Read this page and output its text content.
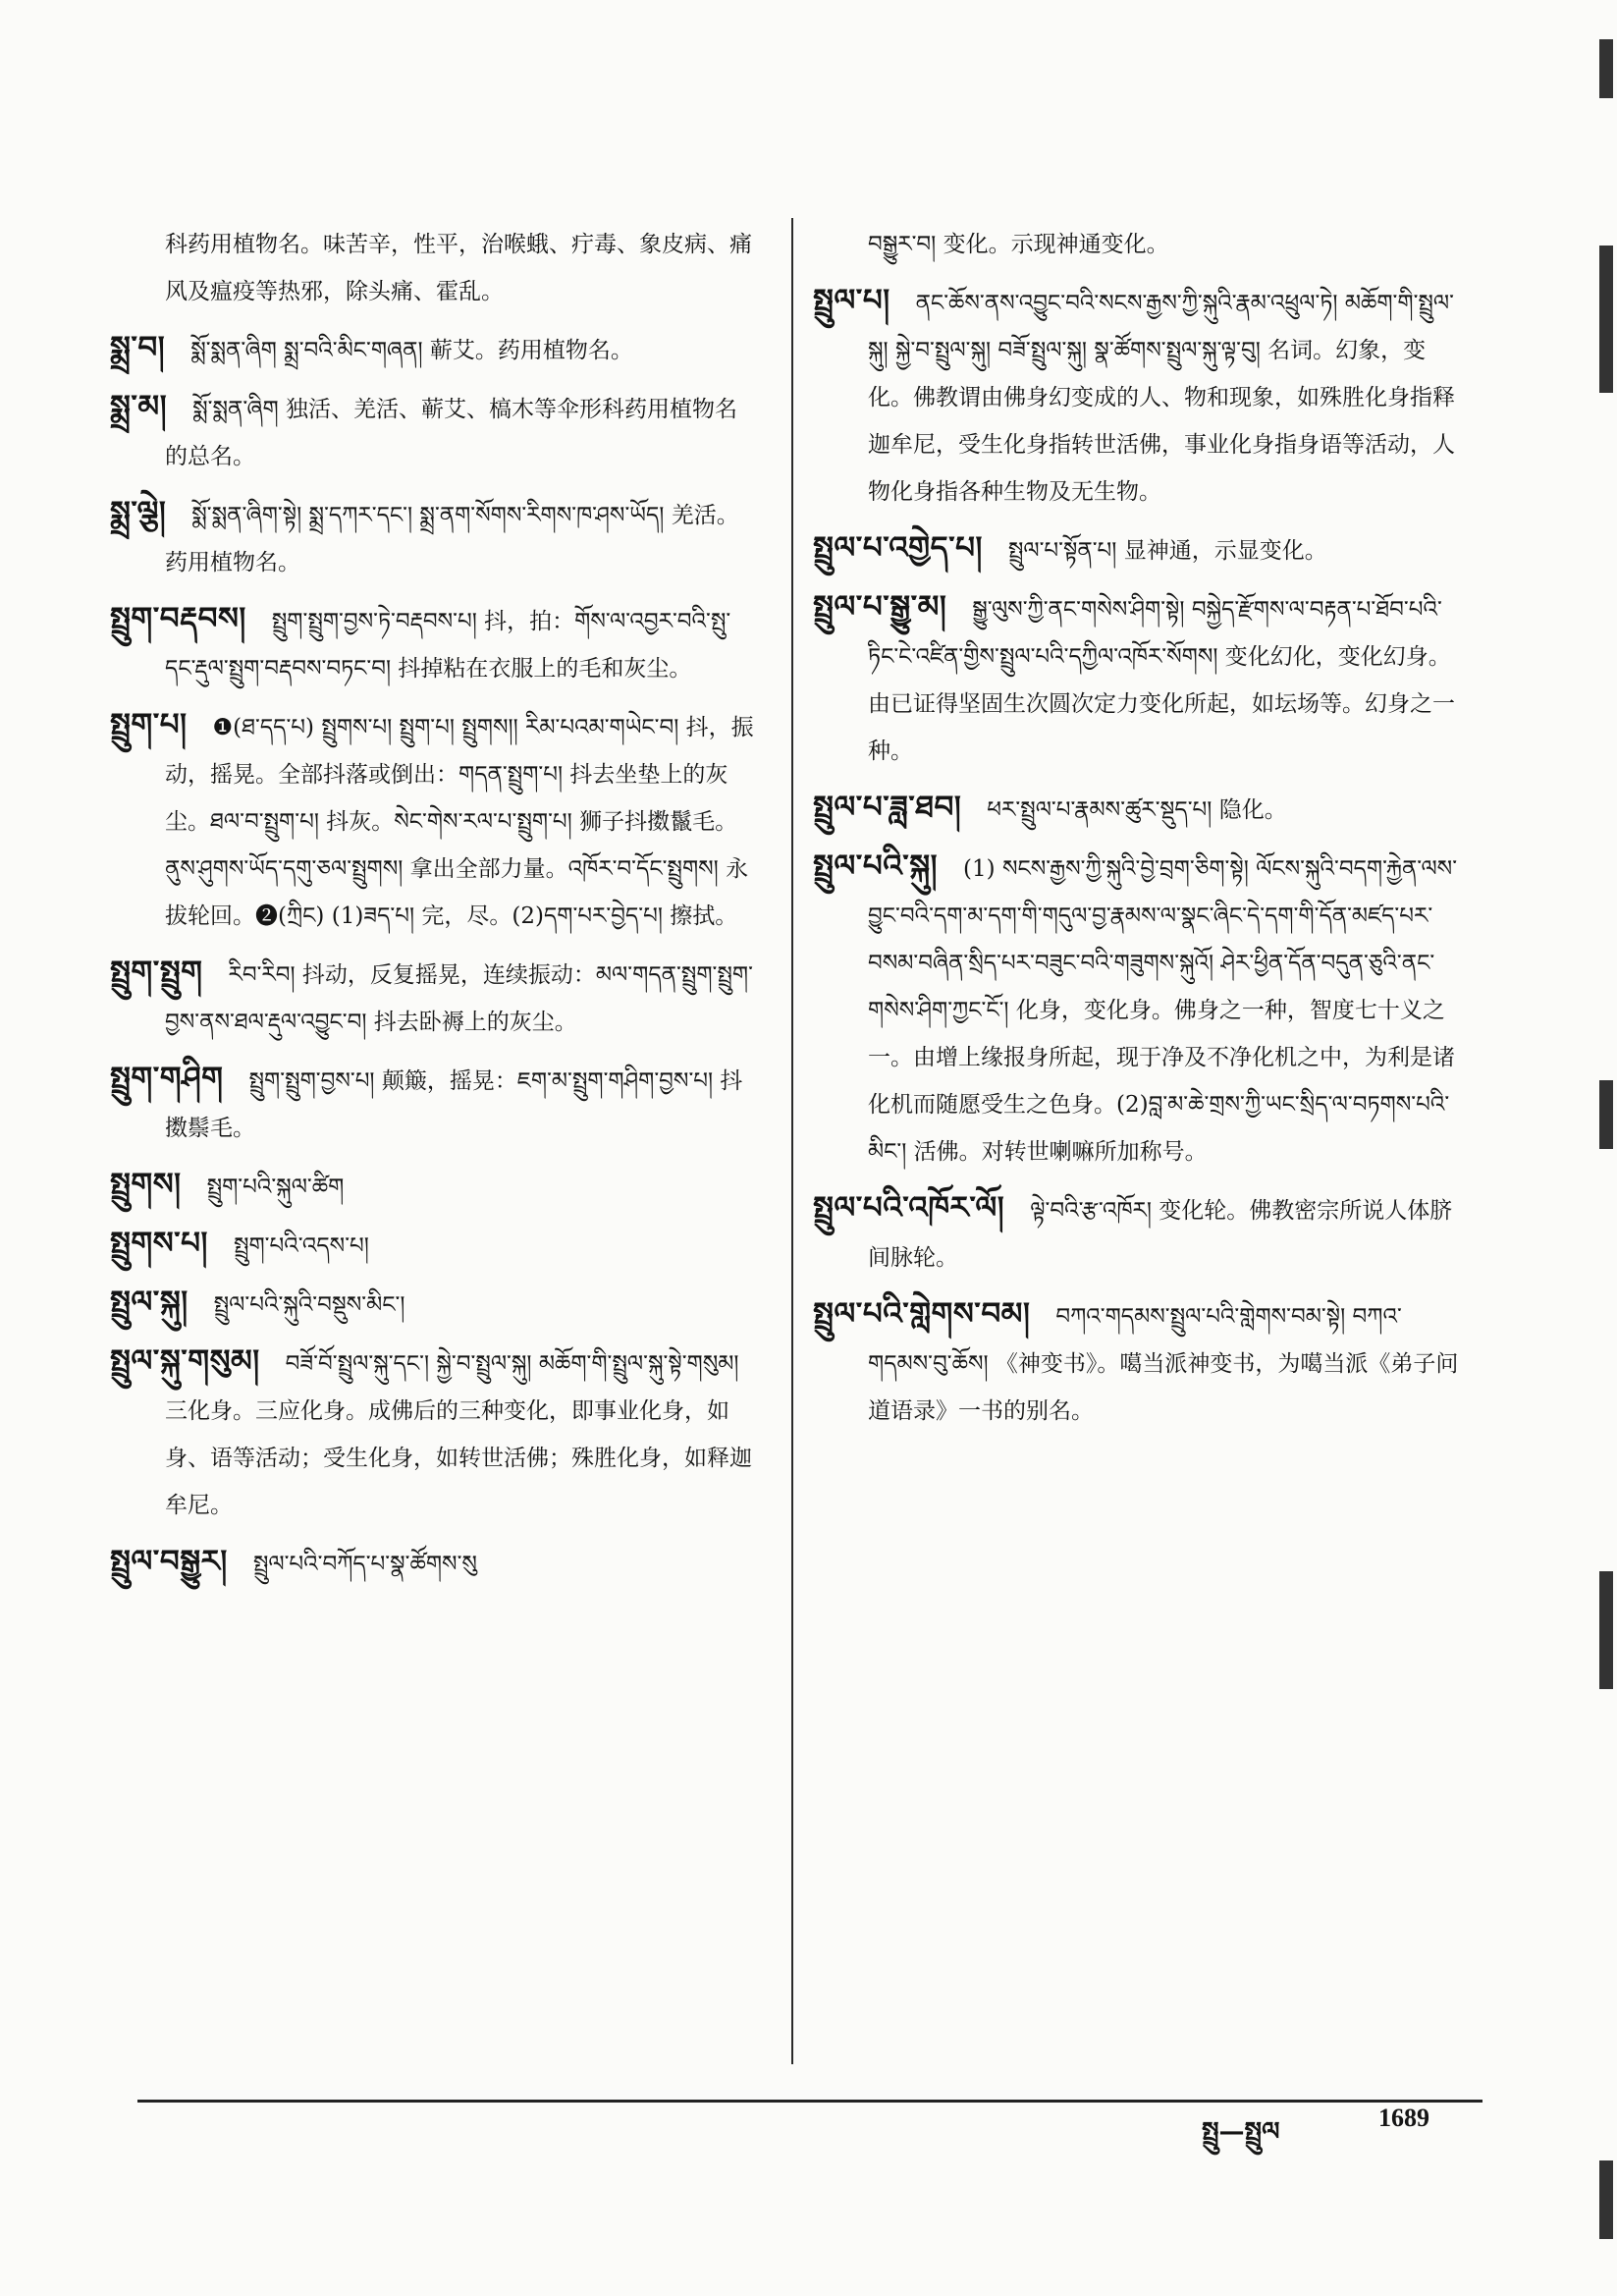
科药用植物名。味苦辛，性平，治喉蛾、疔毒、象皮病、痛风及瘟疫等热邪，除头痛、霍乱。

སྨྲ་བ། སྨོ་སྨན་ཞིག སྨྲ་བའི་མིང་གཞན། 蕲艾。药用植物名。

སྨྲ་མ། སྨོ་སྨན་ཞིག 独活、羌活、蕲艾、槁木等伞形科药用植物名的总名。

སྨྲ་ལྕེ། སྨོ་སྨན་ཞིག་སྟེ། སྨྲ་དཀར་དང་། སྨྲ་ནག་སོགས་རིགས་ཁ་ཤས་ཡོད། 羌活。药用植物名。

སྤྲུག་བརྡབས། སྤྲུག་སྤྲུག་བྱས་ཏེ་བརྡབས་པ། 抖，拍：གོས་ལ་འབྱར་བའི་སྤུ་དང་རྡུལ་སྤྲུག་བརྡབས་བཏང་བ། 抖掉粘在衣服上的毛和灰尘。

སྤྲུག་པ། ❶(ཐ་དད་པ) སྤྲུགས་པ། སྤྲུག་པ། སྤྲུགས།། རིམ་པའམ་གཡེང་བ། 抖，振动，摇晃。全部抖落或倒出：གདན་སྤྲུག་པ། 抖去坐垫上的灰尘。ཐལ་བ་སྤྲུག་པ། 抖灰。སེང་གེས་རལ་པ་སྤྲུག་པ། 狮子抖擞鬣毛。ནུས་ཤུགས་ཡོད་དགུ་ཅལ་སྤྲུགས། 拿出全部力量。འཁོར་བ་དོང་སྤྲུགས། 永拔轮回。❷(ཀྲིང) (1)ཟད་པ། 完，尽。(2)དག་པར་བྱེད་པ། 擦拭。

སྤྲུག་སྤྲུག རིབ་རིབ། 抖动，反复摇晃，连续振动：མལ་གདན་སྤྲུག་སྤྲུག་བྱས་ནས་ཐལ་རྡུལ་འབྱུང་བ། 抖去卧褥上的灰尘。

སྤྲུག་གཤིག སྤྲུག་སྤྲུག་བྱས་པ། 颠簸，摇晃：ཇག་མ་སྤྲུག་གཤིག་བྱས་པ། 抖擞鬃毛。

སྤྲུགས། སྤྲུག་པའི་སྐུལ་ཚིག

སྤྲུགས་པ། སྤྲུག་པའི་འདས་པ།

སྤྲུལ་སྐུ། སྤྲུལ་པའི་སྐུའི་བསྡུས་མིང་།

སྤྲུལ་སྐུ་གསུམ། བཟོ་བོ་སྤྲུལ་སྐུ་དང་། སྐྱེ་བ་སྤྲུལ་སྐུ། མཆོག་གི་སྤྲུལ་སྐུ་སྟེ་གསུམ། 三化身。三应化身。成佛后的三种变化，即事业化身，如身、语等活动；受生化身，如转世活佛；殊胜化身，如释迦牟尼。

སྤྲུལ་བསྒྱུར། སྤྲུལ་པའི་བཀོད་པ་སྣ་ཚོགས་སུ

བསྒྱུར་བ། 变化。示现神通变化。

སྤྲུལ་པ། ནང་ཆོས་ནས་འབྱུང་བའི་སངས་རྒྱས་ཀྱི་སྐུའི་རྣམ་འཕྲུལ་ཏེ། མཆོག་གི་སྤྲུལ་སྐུ། སྐྱེ་བ་སྤྲུལ་སྐུ། བཟོ་སྤྲུལ་སྐུ། སྣ་ཚོགས་སྤྲུལ་སྐུ་ལྟ་བུ། 名词。幻象，变化。佛教谓由佛身幻变成的人、物和现象，如殊胜化身指释迦牟尼，受生化身指转世活佛，事业化身指身语等活动，人物化身指各种生物及无生物。

སྤྲུལ་པ་འགྱེད་པ། སྤྲུལ་པ་སྟོན་པ། 显神通，示显变化。

སྤྲུལ་པ་སྒྱུ་མ། སྒྱུ་ལུས་ཀྱི་ནང་གསེས་ཤིག་སྟེ། བསྐྱེད་རྫོགས་ལ་བརྟན་པ་ཐོབ་པའི་ཏིང་ངེ་འཛིན་གྱིས་སྤྲུལ་པའི་དཀྱིལ་འཁོར་སོགས། 变化幻化，变化幻身。由已证得坚固生次圆次定力变化所起，如坛场等。幻身之一种。

སྤྲུལ་པ་ཟླ་ཐབ། ཕར་སྤྲུལ་པ་རྣམས་ཚུར་སྡུད་པ། 隐化。

སྤྲུལ་པའི་སྐུ། (1) སངས་རྒྱས་ཀྱི་སྐུའི་བྱེ་བྲག་ཅིག་སྟེ། ལོངས་སྐུའི་བདག་རྐྱེན་ལས་བྱུང་བའི་དག་མ་དག་གི་གདུལ་བྱ་རྣམས་ལ་སྣང་ཞིང་དེ་དག་གི་དོན་མཛད་པར་བསམ་བཞིན་སྲིད་པར་བཟུང་བའི་གཟུགས་སྐུའོ། ཤེར་ཕྱིན་དོན་བདུན་ཅུའི་ནང་གསེས་ཤིག་ཀྱང་ངོ་། 化身，变化身。佛身之一种，智度七十义之一。由增上缘报身所起，现于净及不净化机之中，为利是诸化机而随愿受生之色身。(2)བླ་མ་ཆེ་གྲས་ཀྱི་ཡང་སྲིད་ལ་བཏགས་པའི་མིང་། 活佛。对转世喇嘛所加称号。

སྤྲུལ་པའི་འཁོར་ལོ། ལྟེ་བའི་རྩ་འཁོར། 变化轮。佛教密宗所说人体脐间脉轮。

སྤྲུལ་པའི་གླེགས་བམ། བཀའ་གདམས་སྤྲུལ་པའི་གླེགས་བམ་སྟེ། བཀའ་གདམས་བུ་ཆོས། 《神变书》。噶当派神变书，为噶当派《弟子问道语录》一书的别名。

སྤྲུ—སྤྲུལ	1689
